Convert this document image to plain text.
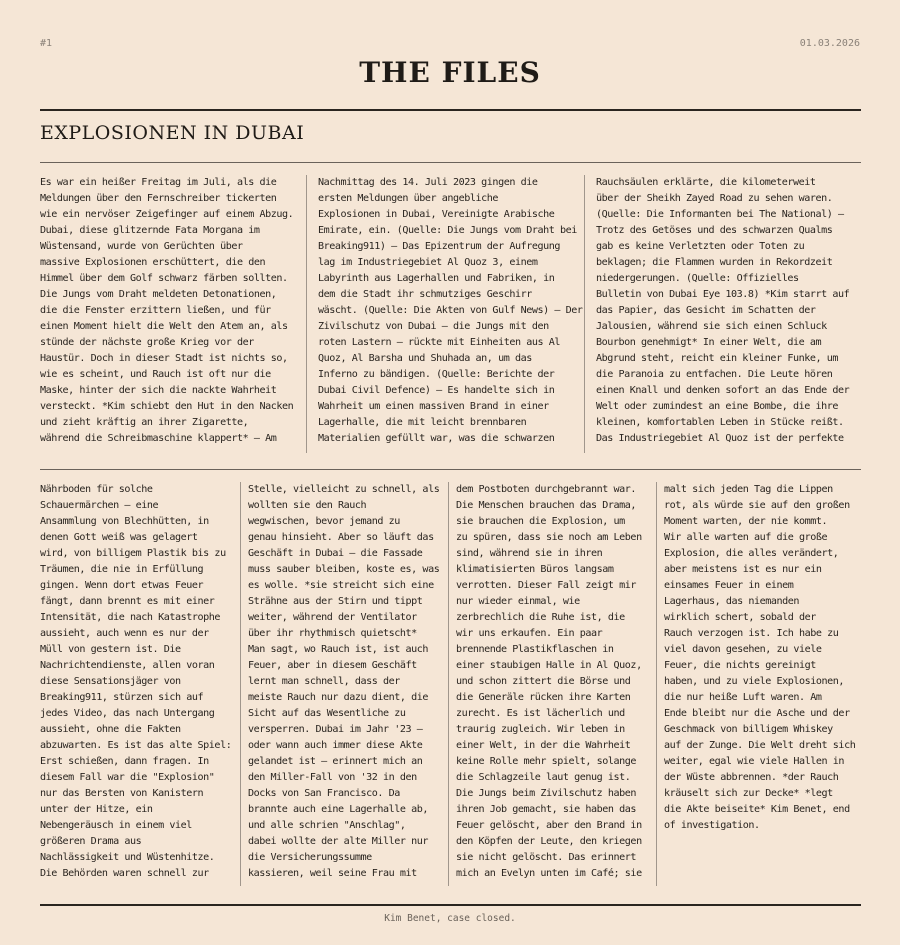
#1	01.03.2026
THE FILES
EXPLOSIONEN IN DUBAI
Es war ein heißer Freitag im Juli, als die
Meldungen über den Fernschreiber tickerten
wie ein nervöser Zeigefinger auf einem Abzug.
Dubai, diese glitzernde Fata Morgana im
Wüstensand, wurde von Gerüchten über
massive Explosionen erschüttert, die den
Himmel über dem Golf schwarz färben sollten.
Die Jungs vom Draht meldeten Detonationen,
die die Fenster erzittern ließen, und für
einen Moment hielt die Welt den Atem an, als
stünde der nächste große Krieg vor der
Haustür. Doch in dieser Stadt ist nichts so,
wie es scheint, und Rauch ist oft nur die
Maske, hinter der sich die nackte Wahrheit
versteckt. *Kim schiebt den Hut in den Nacken
und zieht kräftig an ihrer Zigarette,
während die Schreibmaschine klappert* – Am
Nachmittag des 14. Juli 2023 gingen die
ersten Meldungen über angebliche
Explosionen in Dubai, Vereinigte Arabische
Emirate, ein. (Quelle: Die Jungs vom Draht bei
Breaking911) – Das Epizentrum der Aufregung
lag im Industriegebiet Al Quoz 3, einem
Labyrinth aus Lagerhallen und Fabriken, in
dem die Stadt ihr schmutziges Geschirr
wäscht. (Quelle: Die Akten von Gulf News) – Der
Zivilschutz von Dubai – die Jungs mit den
roten Lastern – rückte mit Einheiten aus Al
Quoz, Al Barsha und Shuhada an, um das
Inferno zu bändigen. (Quelle: Berichte der
Dubai Civil Defence) – Es handelte sich in
Wahrheit um einen massiven Brand in einer
Lagerhalle, die mit leicht brennbaren
Materialien gefüllt war, was die schwarzen
Rauchsäulen erklärte, die kilometerweit
über der Sheikh Zayed Road zu sehen waren.
(Quelle: Die Informanten bei The National) –
Trotz des Getöses und des schwarzen Qualms
gab es keine Verletzten oder Toten zu
beklagen; die Flammen wurden in Rekordzeit
niedergerungen. (Quelle: Offizielles
Bulletin von Dubai Eye 103.8) *Kim starrt auf
das Papier, das Gesicht im Schatten der
Jalousien, während sie sich einen Schluck
Bourbon genehmigt* In einer Welt, die am
Abgrund steht, reicht ein kleiner Funke, um
die Paranoia zu entfachen. Die Leute hören
einen Knall und denken sofort an das Ende der
Welt oder zumindest an eine Bombe, die ihre
kleinen, komfortablen Leben in Stücke reißt.
Das Industriegebiet Al Quoz ist der perfekte
Nährboden für solche
Schauermärchen – eine
Ansammlung von Blechhütten, in
denen Gott weiß was gelagert
wird, von billigem Plastik bis zu
Träumen, die nie in Erfüllung
gingen. Wenn dort etwas Feuer
fängt, dann brennt es mit einer
Intensität, die nach Katastrophe
aussieht, auch wenn es nur der
Müll von gestern ist. Die
Nachrichtendienste, allen voran
diese Sensationsjäger von
Breaking911, stürzen sich auf
jedes Video, das nach Untergang
aussieht, ohne die Fakten
abzuwarten. Es ist das alte Spiel:
Erst schießen, dann fragen. In
diesem Fall war die "Explosion"
nur das Bersten von Kanistern
unter der Hitze, ein
Nebengeräusch in einem viel
größeren Drama aus
Nachlässigkeit und Wüstenhitze.
Die Behörden waren schnell zur
Stelle, vielleicht zu schnell, als
wollten sie den Rauch
wegwischen, bevor jemand zu
genau hinsieht. Aber so läuft das
Geschäft in Dubai – die Fassade
muss sauber bleiben, koste es, was
es wolle. *sie streicht sich eine
Strähne aus der Stirn und tippt
weiter, während der Ventilator
über ihr rhythmisch quietscht*
Man sagt, wo Rauch ist, ist auch
Feuer, aber in diesem Geschäft
lernt man schnell, dass der
meiste Rauch nur dazu dient, die
Sicht auf das Wesentliche zu
versperren. Dubai im Jahr '23 –
oder wann auch immer diese Akte
gelandet ist – erinnert mich an
den Miller-Fall von '32 in den
Docks von San Francisco. Da
brannte auch eine Lagerhalle ab,
und alle schrien "Anschlag",
dabei wollte der alte Miller nur
die Versicherungssumme
kassieren, weil seine Frau mit
dem Postboten durchgebrannt war.
Die Menschen brauchen das Drama,
sie brauchen die Explosion, um
zu spüren, dass sie noch am Leben
sind, während sie in ihren
klimatisierten Büros langsam
verrotten. Dieser Fall zeigt mir
nur wieder einmal, wie
zerbrechlich die Ruhe ist, die
wir uns erkaufen. Ein paar
brennende Plastikflaschen in
einer staubigen Halle in Al Quoz,
und schon zittert die Börse und
die Generäle rücken ihre Karten
zurecht. Es ist lächerlich und
traurig zugleich. Wir leben in
einer Welt, in der die Wahrheit
keine Rolle mehr spielt, solange
die Schlagzeile laut genug ist.
Die Jungs beim Zivilschutz haben
ihren Job gemacht, sie haben das
Feuer gelöscht, aber den Brand in
den Köpfen der Leute, den kriegen
sie nicht gelöscht. Das erinnert
mich an Evelyn unten im Café; sie
malt sich jeden Tag die Lippen
rot, als würde sie auf den großen
Moment warten, der nie kommt.
Wir alle warten auf die große
Explosion, die alles verändert,
aber meistens ist es nur ein
einsames Feuer in einem
Lagerhaus, das niemanden
wirklich schert, sobald der
Rauch verzogen ist. Ich habe zu
viel davon gesehen, zu viele
Feuer, die nichts gereinigt
haben, und zu viele Explosionen,
die nur heiße Luft waren. Am
Ende bleibt nur die Asche und der
Geschmack von billigem Whiskey
auf der Zunge. Die Welt dreht sich
weiter, egal wie viele Hallen in
der Wüste abbrennen. *der Rauch
kräuselt sich zur Decke* *legt
die Akte beiseite* Kim Benet, end
of investigation.
Kim Benet, case closed.
